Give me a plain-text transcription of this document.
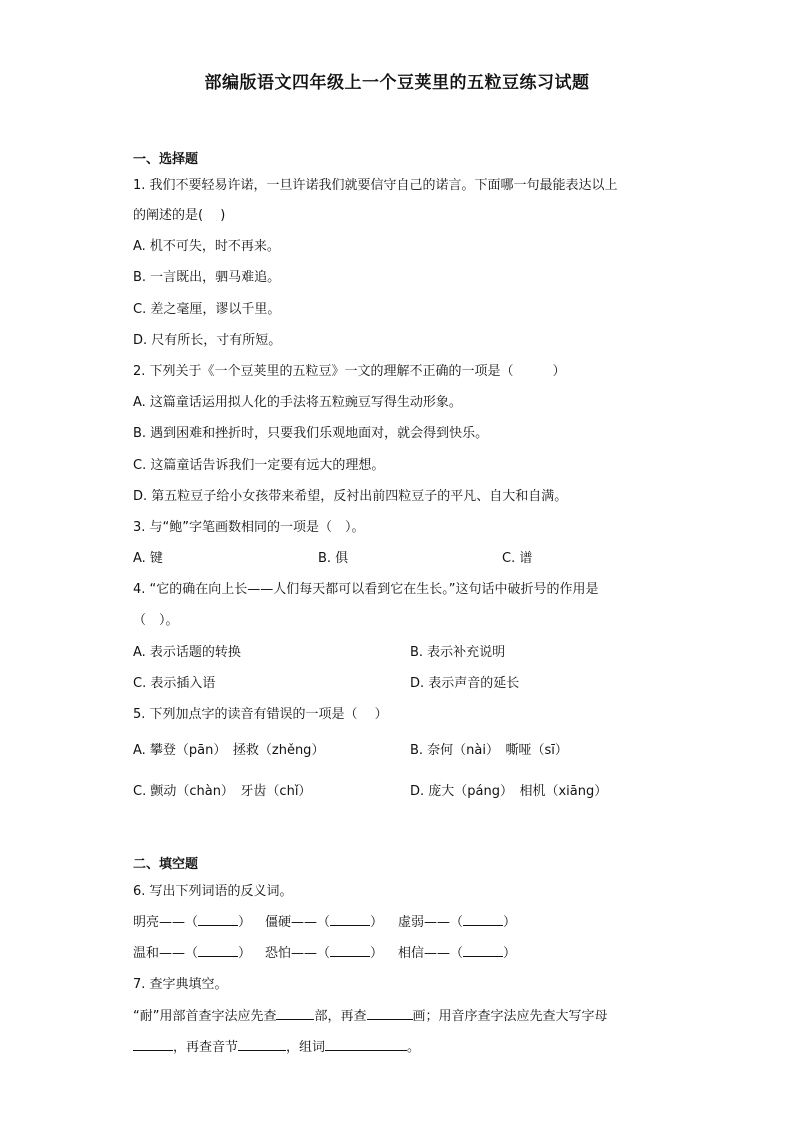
部编版语文四年级上一个豆荚里的五粒豆练习试题
一、选择题
1. 我们不要轻易许诺，一旦许诺我们就要信守自己的诺言。下面哪一句最能表达以上
的阐述的是(　 )
A. 机不可失，时不再来。
B. 一言既出，驷马难追。
C. 差之毫厘，谬以千里。
D. 尺有所长，寸有所短。
2. 下列关于《一个豆荚里的五粒豆》一文的理解不正确的一项是（　　　）
A. 这篇童话运用拟人化的手法将五粒豌豆写得生动形象。
B. 遇到困难和挫折时，只要我们乐观地面对，就会得到快乐。
C. 这篇童话告诉我们一定要有远大的理想。
D. 第五粒豆子给小女孩带来希望，反衬出前四粒豆子的平凡、自大和自满。
3. 与“鲍”字笔画数相同的一项是（　）。
A. 键	B. 俱	C. 谱
4. “它的确在向上长——人们每天都可以看到它在生长。”这句话中破折号的作用是
（　）。
A. 表示话题的转换	B. 表示补充说明
C. 表示插入语	D. 表示声音的延长
5. 下列加点字的读音有错误的一项是（　 ）
A. 攀登（pān）　拯救（zhěng）	B. 奈何（nài）　嘶哑（sī）
C. 颤动（chàn）　牙齿（chǐ）	D. 庞大（páng）　相机（xiāng）
二、填空题
6. 写出下列词语的反义词。
明亮——（	） 僵硬——（	） 虚弱——（	）
温和——（	） 恐怕——（	） 相信——（	）
7. 查字典填空。
“耐”用部首查字法应先查	部，再查	画；用音序查字法应先查大写字母
，再查音节	，组词	。
